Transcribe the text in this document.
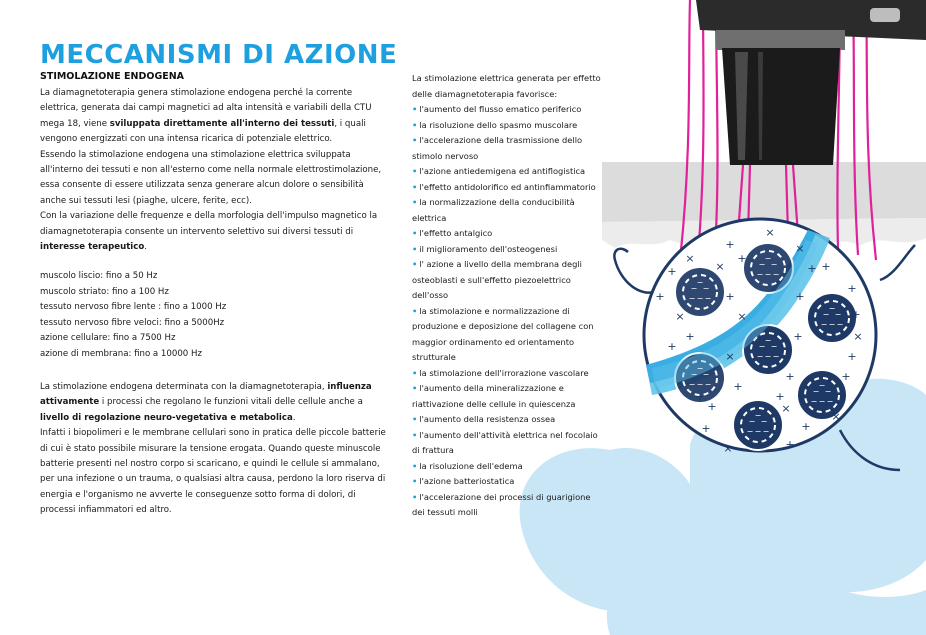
+
×
+
+
×
+
+
×
+
+
×
+
+
×
+
+
×
+
+
×
+
+
×	+
+
×
+
+
×
+
+
×
+
+
− −
−
− −
−
− −
−
− −
−
− −
−
− −
−
− −
−
− −
−
− −
−
− −
−
− −
−
− −
−
− −
−
− −
−
MECCANISMI DI AZIONE
STIMOLAZIONE ENDOGENA

La diamagnetoterapia genera stimolazione endogena perché la corrente elettrica, generata dai campi magnetici ad alta intensità e variabili della CTU mega 18, viene sviluppata direttamente all'interno dei tessuti, i quali vengono energizzati con una intensa ricarica di potenziale elettrico.

Essendo la stimolazione endogena una stimolazione elettrica sviluppata all'interno dei tessuti e non all'esterno come nella normale elettrostimolazione, essa consente di essere utilizzata senza generare alcun dolore o sensibilità anche sui tessuti lesi (piaghe, ulcere, ferite, ecc).

Con la variazione delle frequenze e della morfologia dell'impulso magnetico la diamagnetoterapia consente un intervento selettivo sui diversi tessuti di interesse terapeutico.

muscolo liscio: fino a 50 Hz
muscolo striato: fino a 100 Hz
tessuto nervoso fibre lente : fino a 1000 Hz
tessuto nervoso fibre veloci: fino a 5000Hz
azione cellulare: fino a 7500 Hz
azione di membrana: fino a 10000 Hz

La stimolazione endogena determinata con la diamagnetoterapia, influenza attivamente i processi che regolano le funzioni vitali delle cellule anche a livello di regolazione neuro-vegetativa e metabolica.

Infatti i biopolimeri e le membrane cellulari sono in pratica delle piccole batterie di cui è stato possibile misurare la tensione erogata. Quando queste minuscole batterie presenti nel nostro corpo si scaricano, e quindi le cellule si ammalano, per una infezione o un trauma, o qualsiasi altra causa, perdono la loro riserva di energia e l'organismo ne avverte le conseguenze sotto forma di dolori, di processi infiammatori ed altro.

La stimolazione elettrica generata per effetto delle diamagnetoterapia favorisce:

• l'aumento del flusso ematico periferico
• la risoluzione dello spasmo muscolare
• l'accelerazione della trasmissione dello stimolo nervoso
• l'azione antiedemigena ed antiflogistica
• l'effetto antidolorifico ed antinfiammatorio
• la normalizzazione della conducibilità elettrica
• l'effetto antalgico
• il miglioramento dell'osteogenesi
• l' azione a livello della membrana degli osteoblasti e sull'effetto piezoelettrico dell'osso
• la stimolazione e normalizzazione di produzione e deposizione del collagene con maggior ordinamento ed orientamento strutturale
• la stimolazione dell'irrorazione vascolare
• l'aumento della mineralizzazione e riattivazione delle cellule in quiescenza
• l'aumento della resistenza ossea
• l'aumento dell'attività elettrica nel focolaio di frattura
• la risoluzione dell'edema
• l'azione batteriostatica
• l'accelerazione dei processi di guarigione dei tessuti molli
